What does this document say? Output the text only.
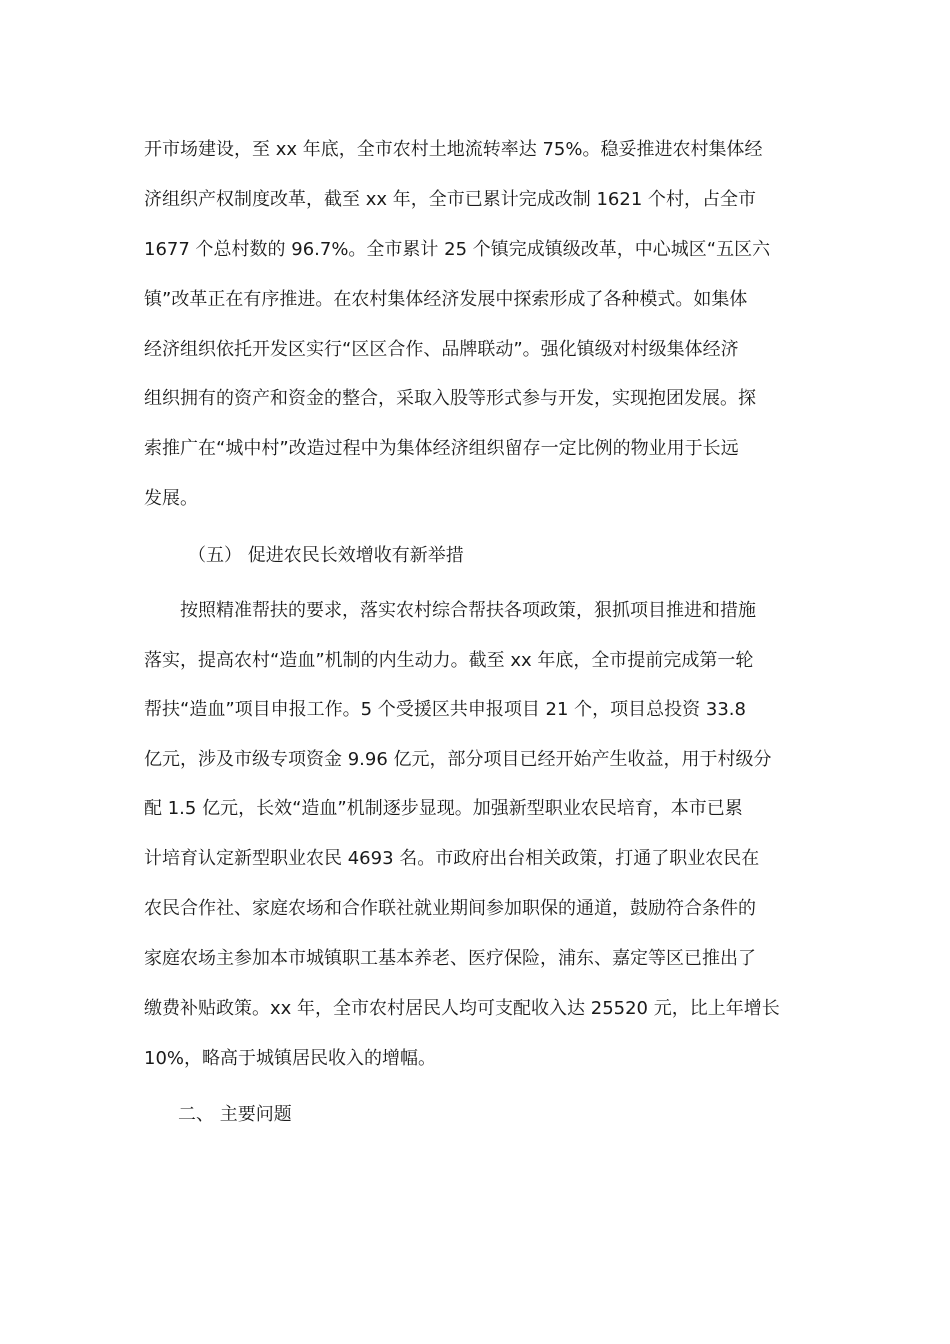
开市场建设，至 xx 年底，全市农村土地流转率达 75%。稳妥推进农村集体经
济组织产权制度改革，截至 xx 年，全市已累计完成改制 1621 个村，占全市
1677 个总村数的 96.7%。全市累计 25 个镇完成镇级改革，中心城区“五区六
镇”改革正在有序推进。在农村集体经济发展中探索形成了各种模式。如集体
经济组织依托开发区实行“区区合作、品牌联动”。强化镇级对村级集体经济
组织拥有的资产和资金的整合，采取入股等形式参与开发，实现抱团发展。探
索推广在“城中村”改造过程中为集体经济组织留存一定比例的物业用于长远
发展。
（五） 促进农民长效增收有新举措
按照精准帮扶的要求，落实农村综合帮扶各项政策，狠抓项目推进和措施
落实，提高农村“造血”机制的内生动力。截至 xx 年底，全市提前完成第一轮
帮扶“造血”项目申报工作。5 个受援区共申报项目 21 个，项目总投资 33.8
亿元，涉及市级专项资金 9.96 亿元，部分项目已经开始产生收益，用于村级分
配 1.5 亿元，长效“造血”机制逐步显现。加强新型职业农民培育，本市已累
计培育认定新型职业农民 4693 名。市政府出台相关政策，打通了职业农民在
农民合作社、家庭农场和合作联社就业期间参加职保的通道，鼓励符合条件的
家庭农场主参加本市城镇职工基本养老、医疗保险，浦东、嘉定等区已推出了
缴费补贴政策。xx 年，全市农村居民人均可支配收入达 25520 元，比上年增长
10%，略高于城镇居民收入的增幅。
二、 主要问题
